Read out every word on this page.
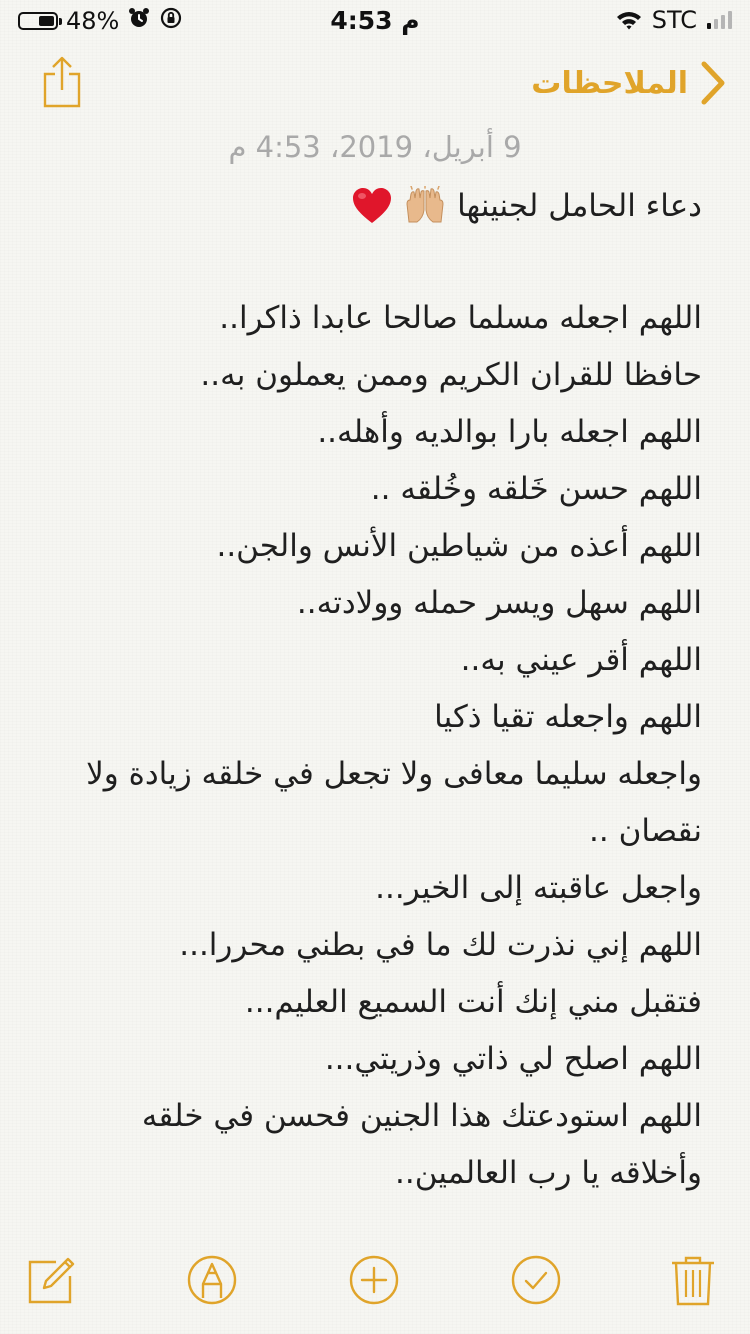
48%	4:53 م	STC
الملاحظات
9 أبريل، 2019، 4:53 م
دعاء الحامل لجنينها
اللهم اجعله مسلما صالحا عابدا ذاكرا..
حافظا للقران الكريم وممن يعملون به..
اللهم اجعله بارا بوالديه وأهله..
اللهم حسن خَلقه وخُلقه ..
اللهم أعذه من شياطين الأنس والجن..
اللهم سهل ويسر حمله وولادته..
اللهم أقر عيني به..
اللهم واجعله تقيا ذكيا
واجعله سليما معافى ولا تجعل في خلقه زيادة ولا
نقصان ..
واجعل عاقبته إلى الخير...
اللهم إني نذرت لك ما في بطني محررا...
فتقبل مني إنك أنت السميع العليم...
اللهم اصلح لي ذاتي وذريتي...
اللهم استودعتك هذا الجنين فحسن في خلقه
وأخلاقه يا رب العالمين..
